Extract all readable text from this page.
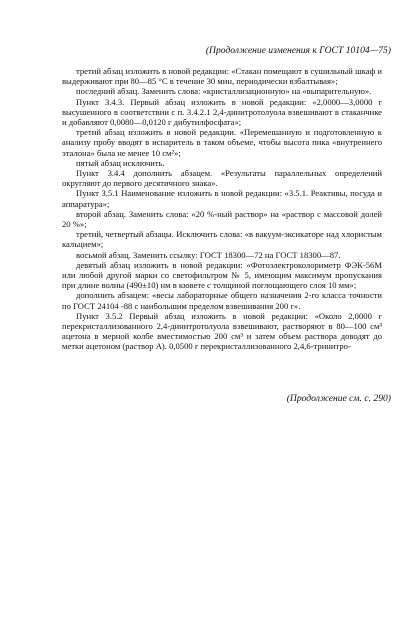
(Продолжение изменения к ГОСТ 10104—75)

третий абзац изложить в новой редакции: «Стакан помещают в сушильный шкаф и выдерживают при 80—85 °С в течение 30 мин, периодически взбалтывая»;

последний абзац. Заменить слова: «кристаллизационную» на «выпарительную».

Пункт 3.4.3. Первый абзац изложить в новой редакции: «2,0000—3,0000 г высушенного в соответствии с п. 3.4.2.1 2,4-динитротолуола взвешивают в стаканчике и добавляют 0,0080—0,0120 г дибутилфосфата»;

третий абзац изложить в новой редакции. «Перемешанную и подготовленную к анализу пробу вводят в испаритель в таком объеме, чтобы высота пика «внутреннего эталона» была не менее 10 см²»;

пятый абзац исключить.

Пункт 3.4.4 дополнить абзацем. «Результаты параллельных определений округляют до первого десятичного знака».

Пункт 3.5.1 Наименование изложить в новой редакции: «3.5.1. Реактивы, посуда и аппаратура»;

второй абзац. Заменить слова: «20 %-ный раствор» на «раствор с массовой долей 20 %»;

третий, четвертый абзацы. Исключить слова: «в вакуум-эксикаторе над хлористым кальцием»;

восьмой абзац. Заменить ссылку: ГОСТ 18300—72 на ГОСТ 18300—87.

девятый абзац изложить в новой редакции: «Фотоэлектроколориметр ФЭК-56М или любой другой марки со светофильтром № 5, имеющим максимум пропускания при длине волны (490±10) нм в кювете с толщиной поглощающего слоя 10 мм»;

дополнить абзацем: «весы лабораторные общего назначения 2-го класса точности по ГОСТ 24104 -88 с наибольшим пределом взвешивания 200 г».

Пункт 3.5.2 Первый абзац изложить в новой редакции: «Около 2,0000 г перекристаллизованного 2,4-динитротолуола взвешивают, растворяют в 80—100 см³ ацетона в мерной колбе вместимостью 200 см³ и затем объем раствора доводят до метки ацетоном (раствор А). 0,0500 г перекристаллизованного 2,4,6-тринитро-

(Продолжение см. с. 290)
